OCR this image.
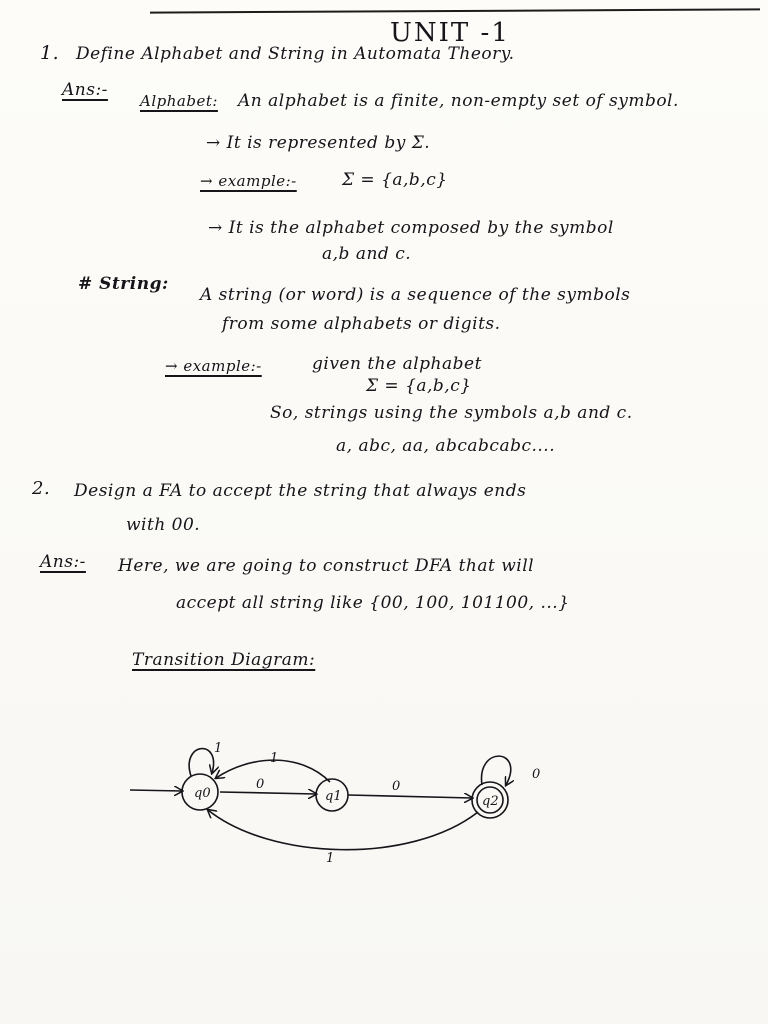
UNIT -1
1. Define Alphabet and String in Automata Theory.
Ans:-
Alphabet: An alphabet is a finite, non-empty set of symbol.
→ It is represented by Σ.
→ example:-	Σ = {a,b,c}
→ It is the alphabet composed by the symbol
a,b and c.
# String:
A string (or word) is a sequence of the symbols
from some alphabets or digits.
→ example:-	given the alphabet
Σ = {a,b,c}
So, strings using the symbols a,b and c.
a, abc, aa, abcabcabc....
2. Design a FA to accept the string that always ends
with 00.
Ans:- Here, we are going to construct DFA that will
accept all string like {00, 100, 101100, ...}
Transition Diagram:
q0	q1	q2
1
1
0	0
0
1
